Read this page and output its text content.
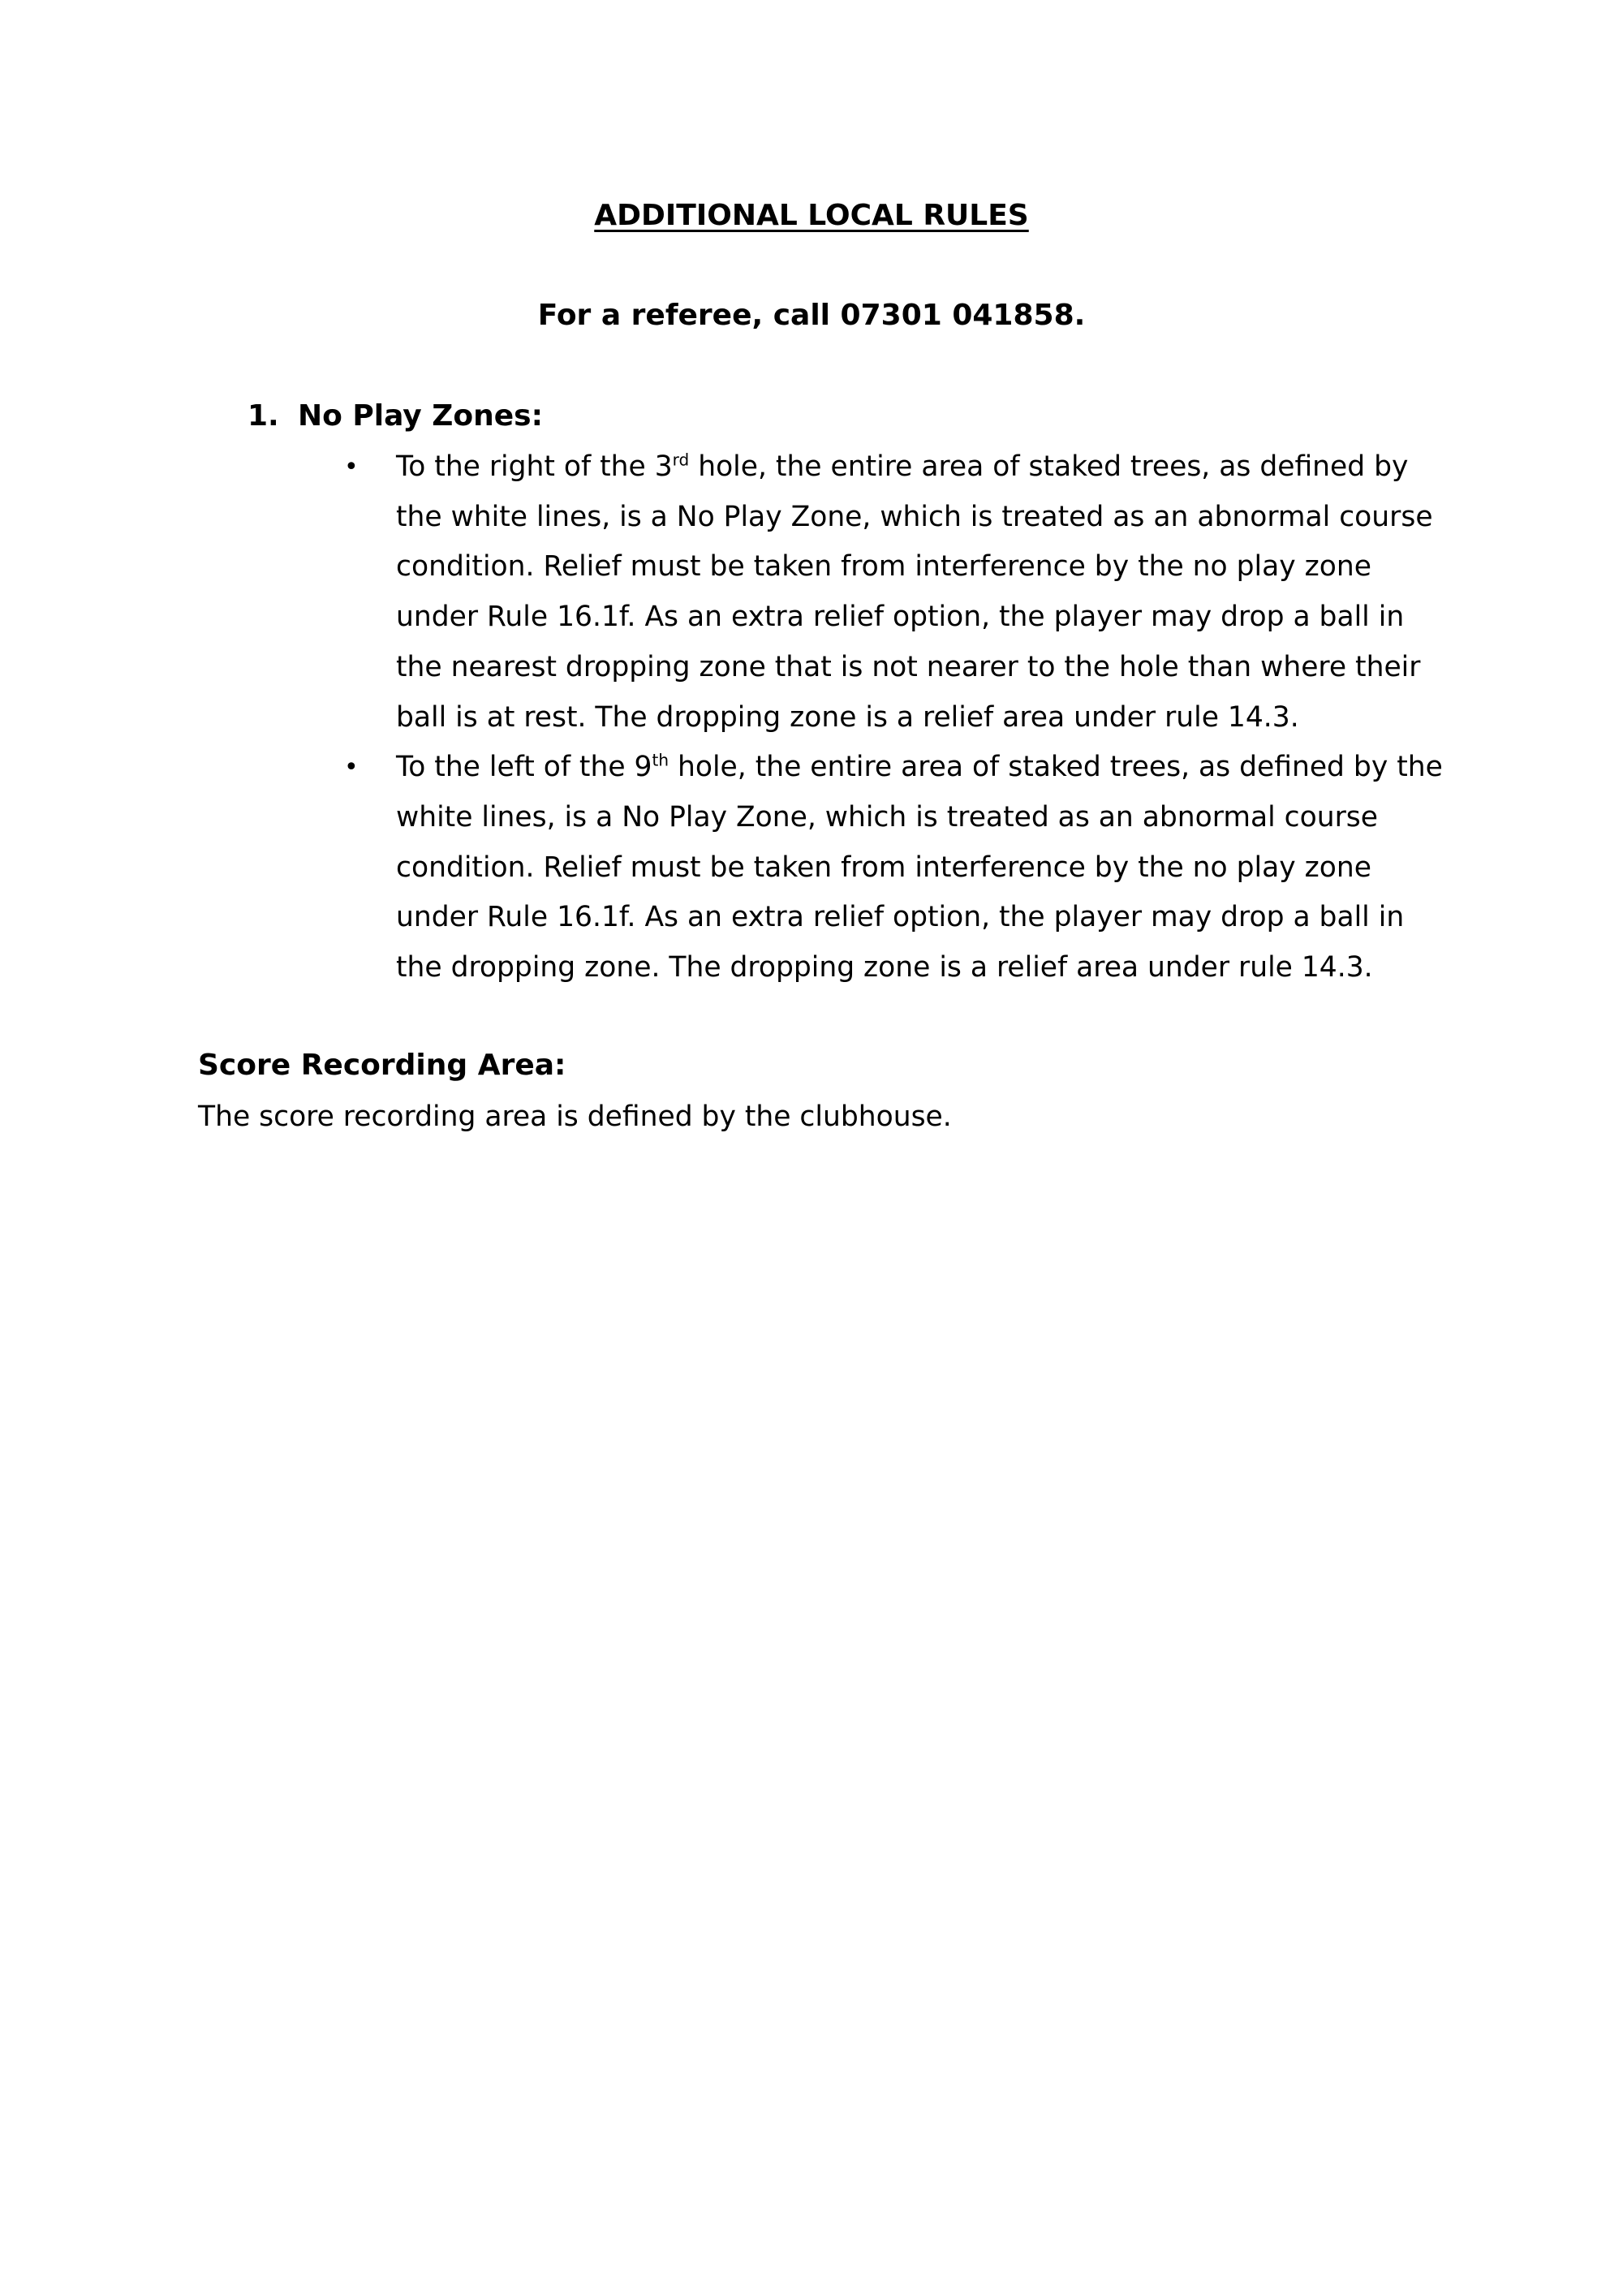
ADDITIONAL LOCAL RULES
For a referee, call 07301 041858.
1. No Play Zones:
• To the right of the 3rd hole, the entire area of staked trees, as defined by the white lines, is a No Play Zone, which is treated as an abnormal course condition. Relief must be taken from interference by the no play zone under Rule 16.1f. As an extra relief option, the player may drop a ball in the nearest dropping zone that is not nearer to the hole than where their ball is at rest. The dropping zone is a relief area under rule 14.3.
• To the left of the 9th hole, the entire area of staked trees, as defined by the white lines, is a No Play Zone, which is treated as an abnormal course condition. Relief must be taken from interference by the no play zone under Rule 16.1f. As an extra relief option, the player may drop a ball in the dropping zone. The dropping zone is a relief area under rule 14.3.
Score Recording Area:
The score recording area is defined by the clubhouse.
